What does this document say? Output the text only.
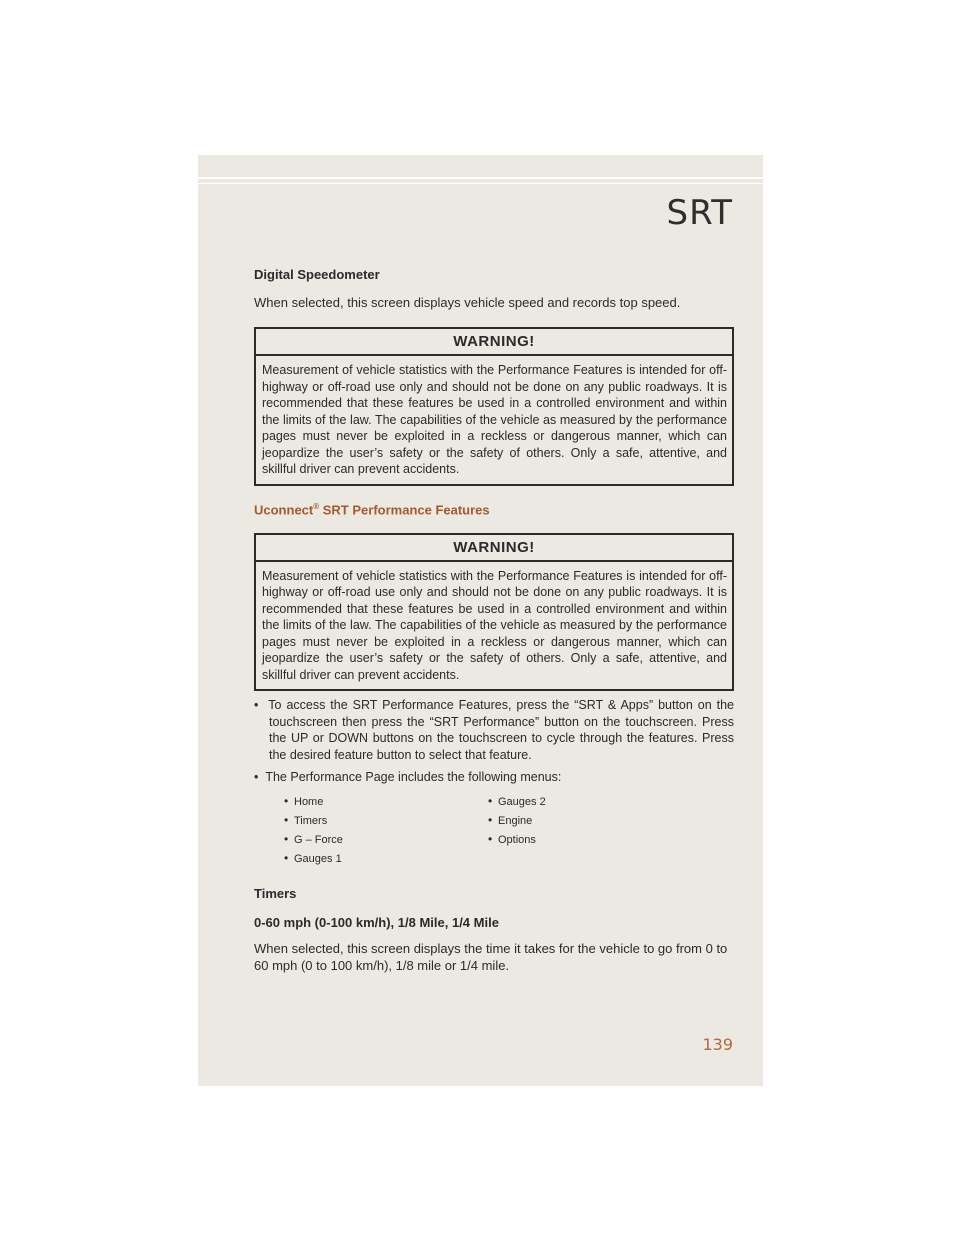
SRT

Digital Speedometer

When selected, this screen displays vehicle speed and records top speed.

WARNING!
Measurement of vehicle statistics with the Performance Features is intended for off-highway or off-road use only and should not be done on any public roadways. It is recommended that these features be used in a controlled environment and within the limits of the law. The capabilities of the vehicle as measured by the performance pages must never be exploited in a reckless or dangerous manner, which can jeopardize the user’s safety or the safety of others. Only a safe, attentive, and skillful driver can prevent accidents.

Uconnect® SRT Performance Features

WARNING!
Measurement of vehicle statistics with the Performance Features is intended for off-highway or off-road use only and should not be done on any public roadways. It is recommended that these features be used in a controlled environment and within the limits of the law. The capabilities of the vehicle as measured by the performance pages must never be exploited in a reckless or dangerous manner, which can jeopardize the user’s safety or the safety of others. Only a safe, attentive, and skillful driver can prevent accidents.

• To access the SRT Performance Features, press the “SRT & Apps” button on the touchscreen then press the “SRT Performance” button on the touchscreen. Press the UP or DOWN buttons on the touchscreen to cycle through the features. Press the desired feature button to select that feature.

• The Performance Page includes the following menus:

• Home
• Timers
• G – Force
• Gauges 1
• Gauges 2
• Engine
• Options

Timers

0-60 mph (0-100 km/h), 1/8 Mile, 1/4 Mile

When selected, this screen displays the time it takes for the vehicle to go from 0 to 60 mph (0 to 100 km/h), 1/8 mile or 1/4 mile.

139
